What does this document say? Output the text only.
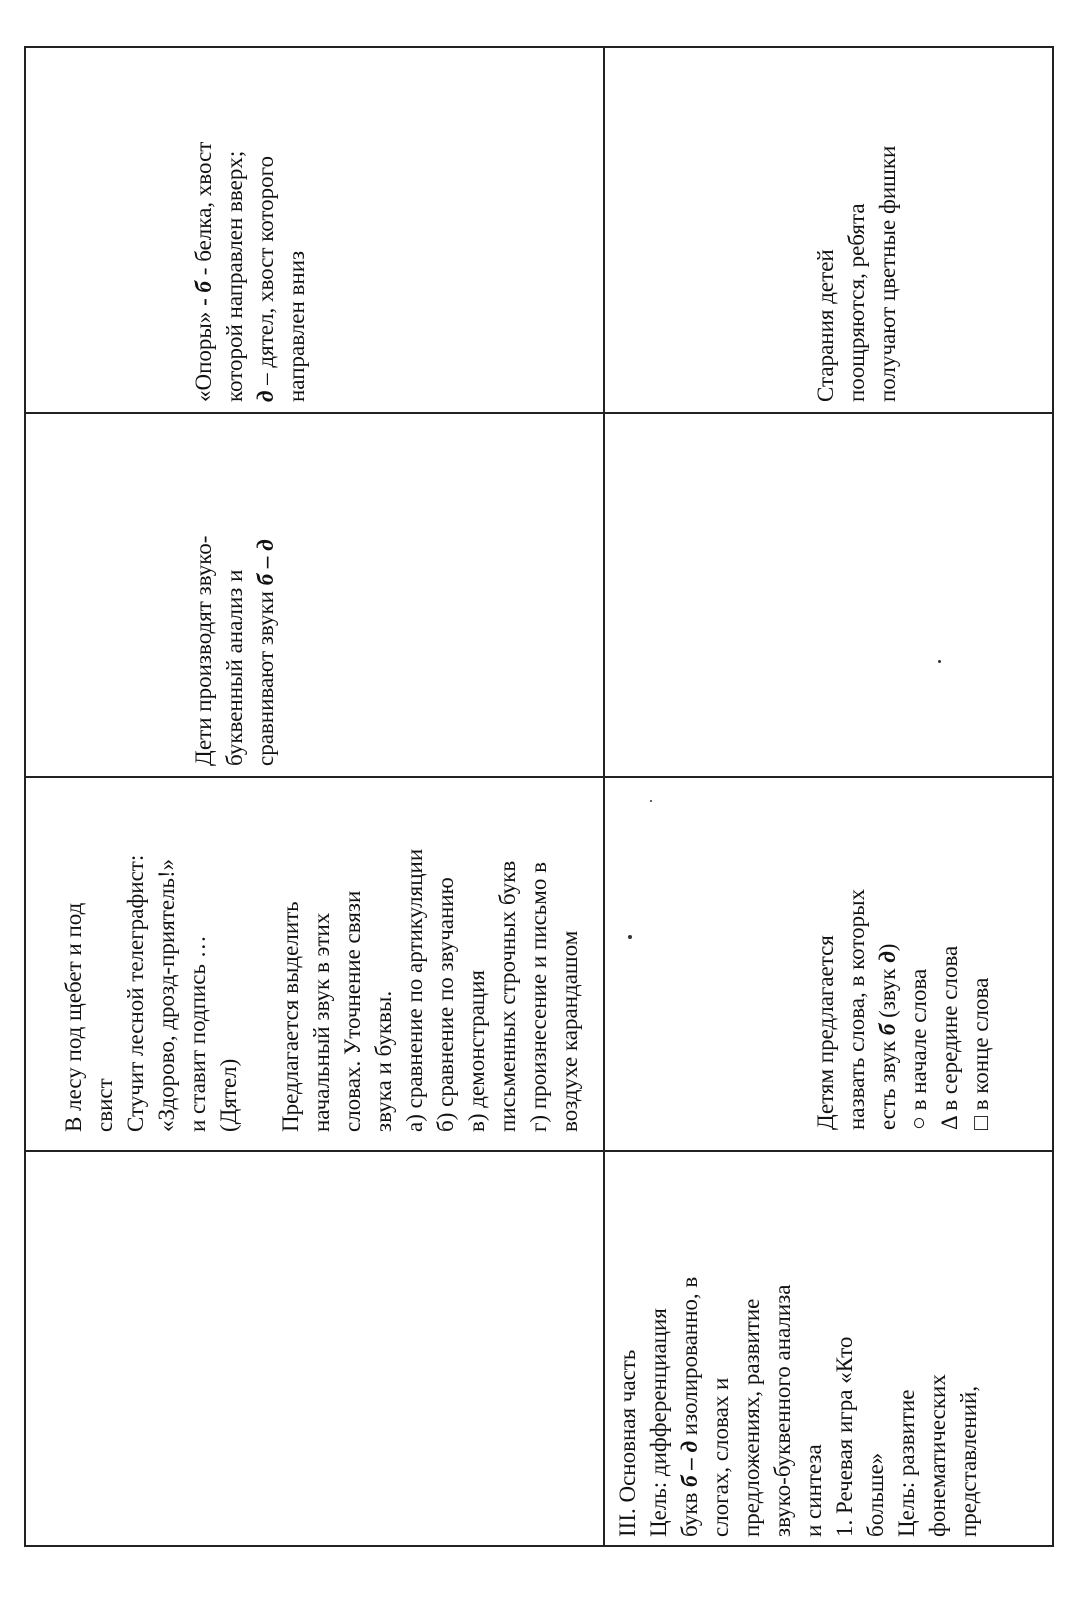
В лесу под щебет и под свист Стучит лесной телеграфист: «Здорово, дрозд-приятель!» и ставит подпись … (Дятел)
Предлагается выделить начальный звук в этих словах. Уточнение связи звука и буквы. а) сравнение по артикуляции б) сравнение по звучанию в) демонстрация письменных строчных букв г) произнесение и письмо в воздухе карандашом
Дети производят звуко- буквенный анализ и сравнивают звуки б – д
«Опоры» - б - белка, хвост которой направлен вверх; д – дятел, хвост которого направлен вниз
III. Основная часть Цель: дифференциация букв б – д изолированно, в
слогах, словах и предложениях, развитие звуко-буквенного анализа и синтеза 1. Речевая игра «Кто больше» Цель: развитие фонематических представлений,
Детям предлагается назвать слова, в которых есть звук б (звук д)
○ в начале слова Δ в середине слова □ в конце слова
Старания детей поощряются, ребята получают цветные фишки
